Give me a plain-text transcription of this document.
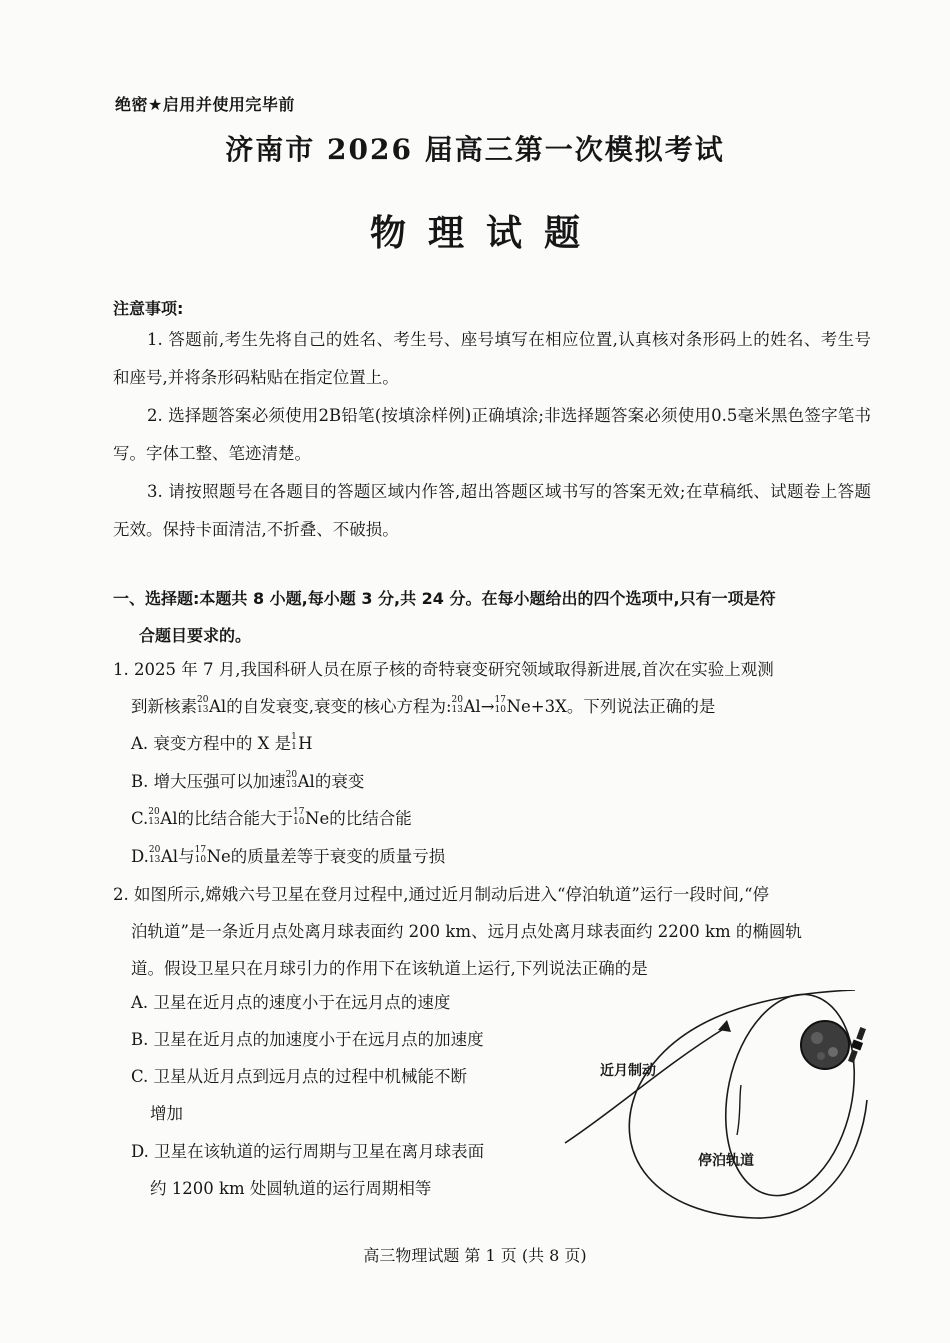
绝密★启用并使用完毕前
济南市 2026 届高三第一次模拟考试
物理试题
注意事项:
1. 答题前,考生先将自己的姓名、考生号、座号填写在相应位置,认真核对条形码上的姓名、考生号和座号,并将条形码粘贴在指定位置上。
2. 选择题答案必须使用2B铅笔(按填涂样例)正确填涂;非选择题答案必须使用0.5毫米黑色签字笔书写。字体工整、笔迹清楚。
3. 请按照题号在各题目的答题区域内作答,超出答题区域书写的答案无效;在草稿纸、试题卷上答题无效。保持卡面清洁,不折叠、不破损。
一、选择题:本题共 8 小题,每小题 3 分,共 24 分。在每小题给出的四个选项中,只有一项是符
合题目要求的。
1. 2025 年 7 月,我国科研人员在原子核的奇特衰变研究领域取得新进展,首次在实验上观测
到新核素 20
13 Al的自发衰变,衰变的核心方程为: 20
13 Al→ 17
10 Ne+3X。下列说法正确的是
A. 衰变方程中的 X 是 1
1 H
B. 增大压强可以加速 20
13 Al的衰变
C. 20
13 Al的比结合能大于 17
10 Ne的比结合能
D. 20
13 Al与 17
10 Ne的质量差等于衰变的质量亏损
2. 如图所示,嫦娥六号卫星在登月过程中,通过近月制动后进入“停泊轨道”运行一段时间,“停
泊轨道”是一条近月点处离月球表面约 200 km、远月点处离月球表面约 2200 km 的椭圆轨
道。假设卫星只在月球引力的作用下在该轨道上运行,下列说法正确的是
A. 卫星在近月点的速度小于在远月点的速度
B. 卫星在近月点的加速度小于在远月点的加速度
C. 卫星从近月点到远月点的过程中机械能不断
增加
D. 卫星在该轨道的运行周期与卫星在离月球表面
约 1200 km 处圆轨道的运行周期相等
近月制动
停泊轨道
高三物理试题 第 1 页 (共 8 页)
